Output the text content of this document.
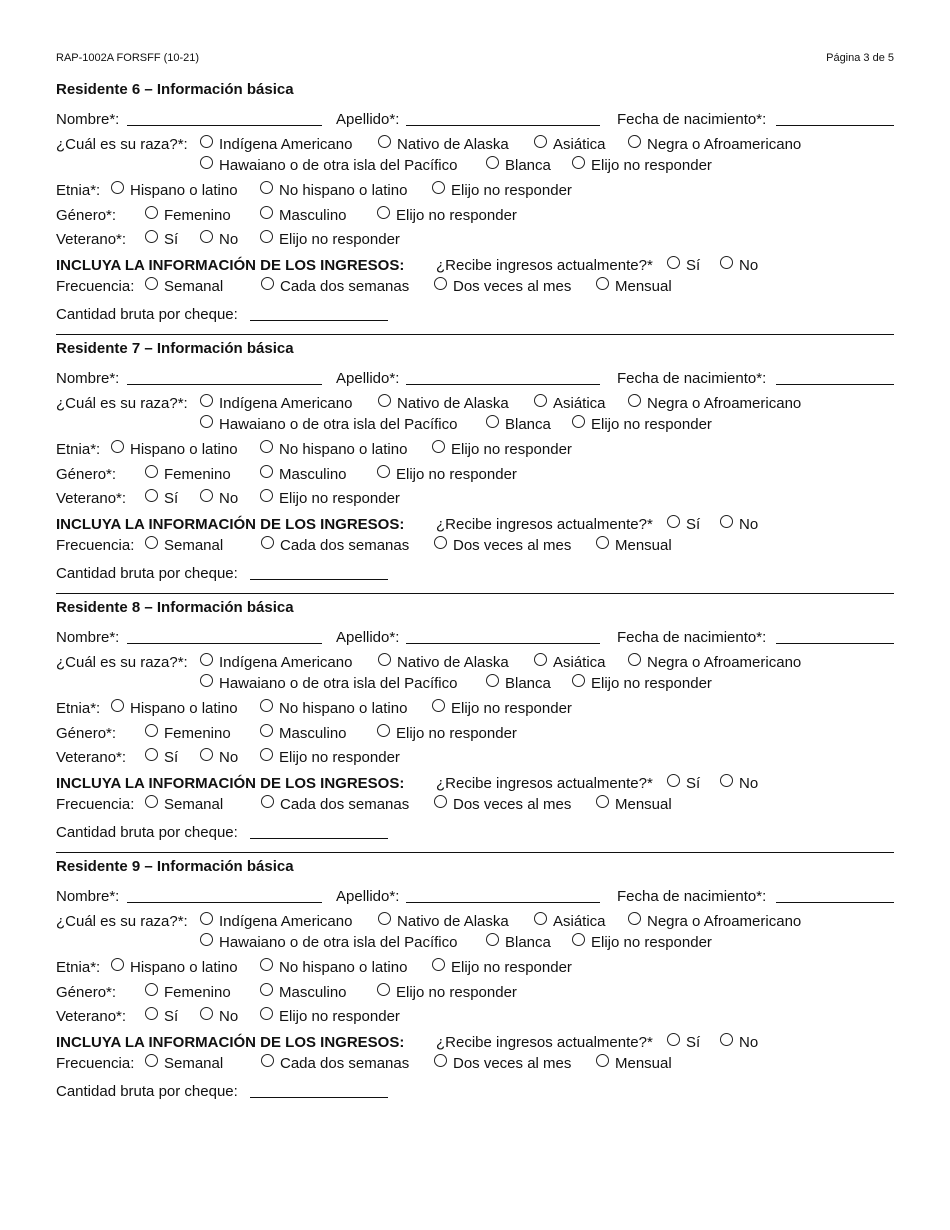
RAP-1002A FORSFF (10-21)	Página 3 de 5
Residente 6 – Información básica
Nombre*:	Apellido*:	Fecha de nacimiento*:
¿Cuál es su raza?*: Indígena Americano	Nativo de Alaska	Asiática	Negra o Afroamericano
Hawaiano o de otra isla del Pacífico	Blanca	Elijo no responder
Etnia*: Hispano o latino	No hispano o latino	Elijo no responder
Género*:	Femenino	Masculino	Elijo no responder
Veterano*:	Sí	No	Elijo no responder
INCLUYA LA INFORMACIÓN DE LOS INGRESOS: ¿Recibe ingresos actualmente?* Sí	No
Frecuencia: Semanal	Cada dos semanas	Dos veces al mes	Mensual
Cantidad bruta por cheque:
Residente 7 – Información básica
Nombre*:	Apellido*:	Fecha de nacimiento*:
¿Cuál es su raza?*: Indígena Americano	Nativo de Alaska	Asiática	Negra o Afroamericano
Hawaiano o de otra isla del Pacífico	Blanca	Elijo no responder
Etnia*: Hispano o latino	No hispano o latino	Elijo no responder
Género*:	Femenino	Masculino	Elijo no responder
Veterano*:	Sí	No	Elijo no responder
INCLUYA LA INFORMACIÓN DE LOS INGRESOS: ¿Recibe ingresos actualmente?* Sí	No
Frecuencia: Semanal	Cada dos semanas	Dos veces al mes	Mensual
Cantidad bruta por cheque:
Residente 8 – Información básica
Nombre*:	Apellido*:	Fecha de nacimiento*:
¿Cuál es su raza?*: Indígena Americano	Nativo de Alaska	Asiática	Negra o Afroamericano
Hawaiano o de otra isla del Pacífico	Blanca	Elijo no responder
Etnia*: Hispano o latino	No hispano o latino	Elijo no responder
Género*:	Femenino	Masculino	Elijo no responder
Veterano*:	Sí	No	Elijo no responder
INCLUYA LA INFORMACIÓN DE LOS INGRESOS: ¿Recibe ingresos actualmente?* Sí	No
Frecuencia: Semanal	Cada dos semanas	Dos veces al mes	Mensual
Cantidad bruta por cheque:
Residente 9 – Información básica
Nombre*:	Apellido*:	Fecha de nacimiento*:
¿Cuál es su raza?*: Indígena Americano	Nativo de Alaska	Asiática	Negra o Afroamericano
Hawaiano o de otra isla del Pacífico	Blanca	Elijo no responder
Etnia*: Hispano o latino	No hispano o latino	Elijo no responder
Género*:	Femenino	Masculino	Elijo no responder
Veterano*:	Sí	No	Elijo no responder
INCLUYA LA INFORMACIÓN DE LOS INGRESOS: ¿Recibe ingresos actualmente?* Sí	No
Frecuencia: Semanal	Cada dos semanas	Dos veces al mes	Mensual
Cantidad bruta por cheque:
